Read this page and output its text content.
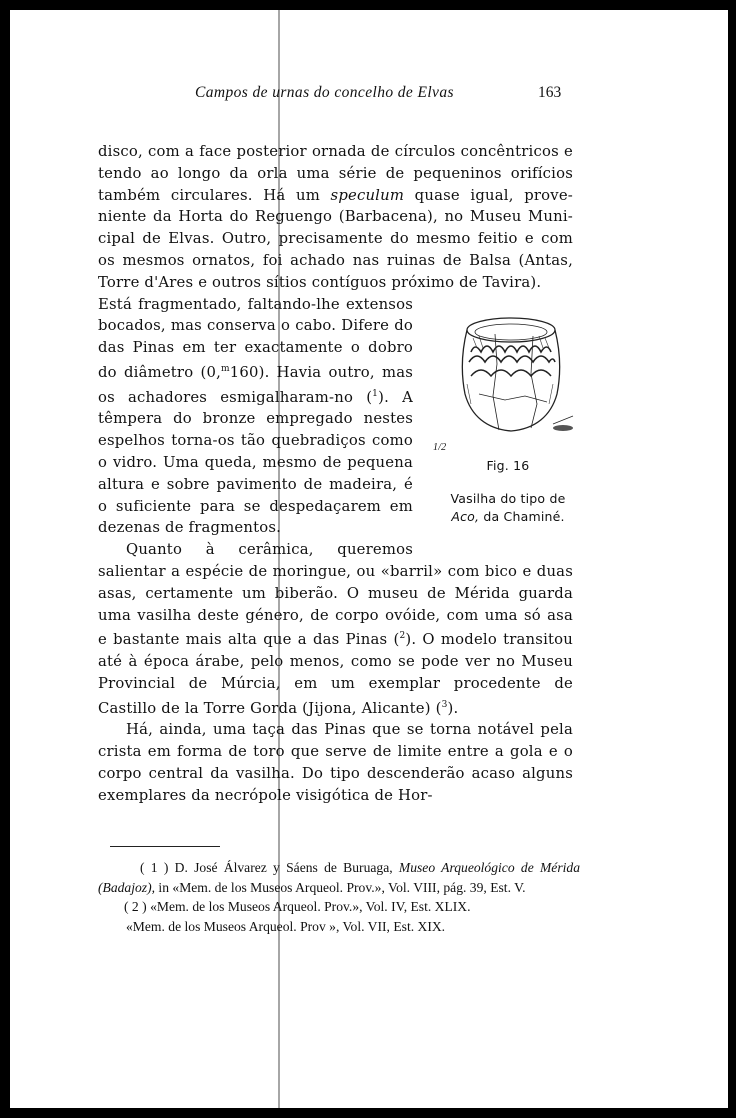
Campos de urnas do concelho de Elvas	163

disco, com a face posterior ornada de círculos concêntricos e tendo ao longo da orla uma série de pequeninos orifícios também circulares. Há um speculum quase igual, prove- niente da Horta do Reguengo (Barbacena), no Museu Muni- cipal de Elvas. Outro, precisamente do mesmo feitio e com os mesmos ornatos, foi achado nas ruinas de Balsa (Antas, Torre d'Ares e outros sítios contíguos próximo de Tavira).

1/2
Fig. 16
Vasilha do tipo de
Aco, da Chaminé.

Está fragmentado, faltando-lhe extensos bocados, mas conserva o cabo. Difere do das Pinas em ter exactamente o dobro do diâmetro (0,$^m$160). Havia outro, mas os achadores esmigalharam-no ($^1$). A têmpera do bronze empregado nestes espelhos torna-os tão quebradiços como o vidro. Uma queda, mesmo de pequena altura e sobre pavimento de madeira, é o suficiente para se despedaçarem em dezenas de fragmentos.

Quanto à cerâmica, queremos salientar a espécie de moringue, ou «barril» com bico e duas asas, certamente um biberão. O museu de Mérida guarda uma vasilha deste género, de corpo ovóide, com uma só asa e bastante mais alta que a das Pinas ($^2$). O modelo transitou até à época árabe, pelo menos, como se pode ver no Museu Provincial de Múrcia, em um exemplar procedente de Castillo de la Torre Gorda (Jijona, Alicante) ($^3$).

Há, ainda, uma taça das Pinas que se torna notável pela crista em forma de toro que serve de limite entre a gola e o corpo central da vasilha. Do tipo descenderão acaso alguns exemplares da necrópole visigótica de Hor-

( 1 ) D. José Álvarez y Sáens de Buruaga, Museo Arqueológico de Mérida (Badajoz), in «Mem. de los Museos Arqueol. Prov.», Vol. VIII, pág. 39, Est. V.

( 2 ) «Mem. de los Museos Arqueol. Prov.», Vol. IV, Est. XLIX.

«Mem. de los Museos Arqueol. Prov », Vol. VII, Est. XIX.
